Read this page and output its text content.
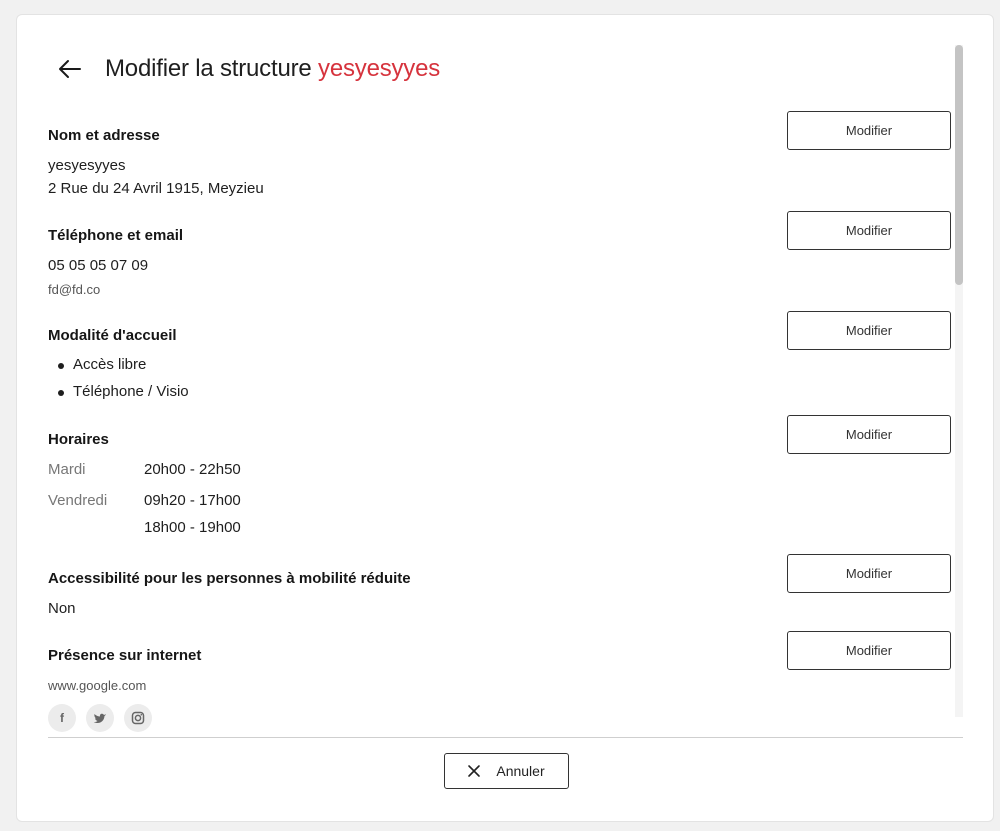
Modifier la structure yesyesyyes
Nom et adresse	Modifier
yesyesyyes
2 Rue du 24 Avril 1915, Meyzieu
Téléphone et email	Modifier
05 05 05 07 09
fd@fd.co
Modalité d'accueil	Modifier
Accès libre
Téléphone / Visio
Horaires	Modifier
Mardi	20h00 - 22h50
Vendredi 09h20 - 17h00
18h00 - 19h00
Accessibilité pour les personnes à mobilité réduite	Modifier
Non
Présence sur internet	Modifier
www.google.com
f
Annuler
